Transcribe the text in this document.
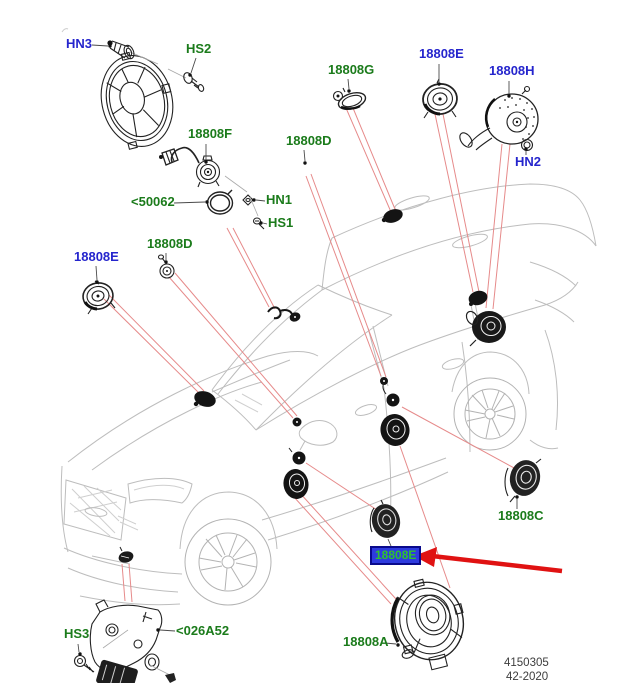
HN3	HS2
18808F	18808D
<50062	HN1
HS1
18808D
18808E
18808G
18808E
18808H
HN2
18808C
18808E
18808A
HS3	<026A52
4150305
42-2020
